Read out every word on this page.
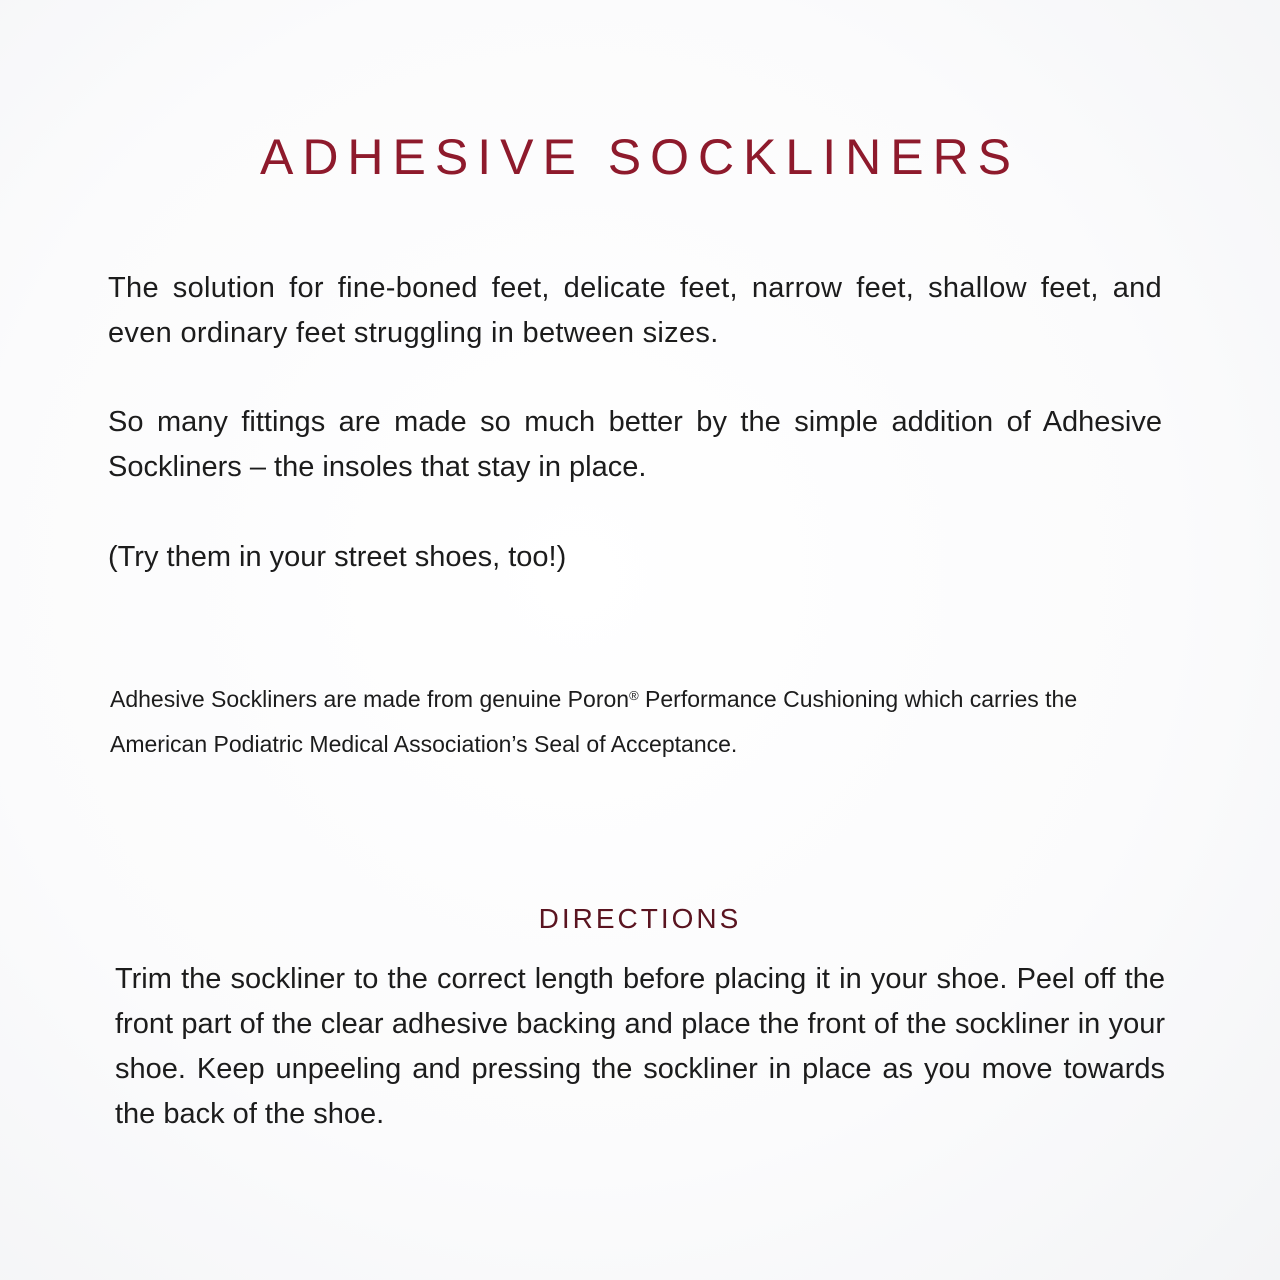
ADHESIVE SOCKLINERS

The solution for fine-boned feet, delicate feet, narrow feet, shallow feet, and even ordinary feet struggling in between sizes.

So many fittings are made so much better by the simple addition of Adhesive Sockliners – the insoles that stay in place.

(Try them in your street shoes, too!)

Adhesive Sockliners are made from genuine Poron® Performance Cushioning which carries the American Podiatric Medical Association’s Seal of Acceptance.

DIRECTIONS

Trim the sockliner to the correct length before placing it in your shoe. Peel off the front part of the clear adhesive backing and place the front of the sockliner in your shoe. Keep unpeeling and pressing the sockliner in place as you move towards the back of the shoe.
